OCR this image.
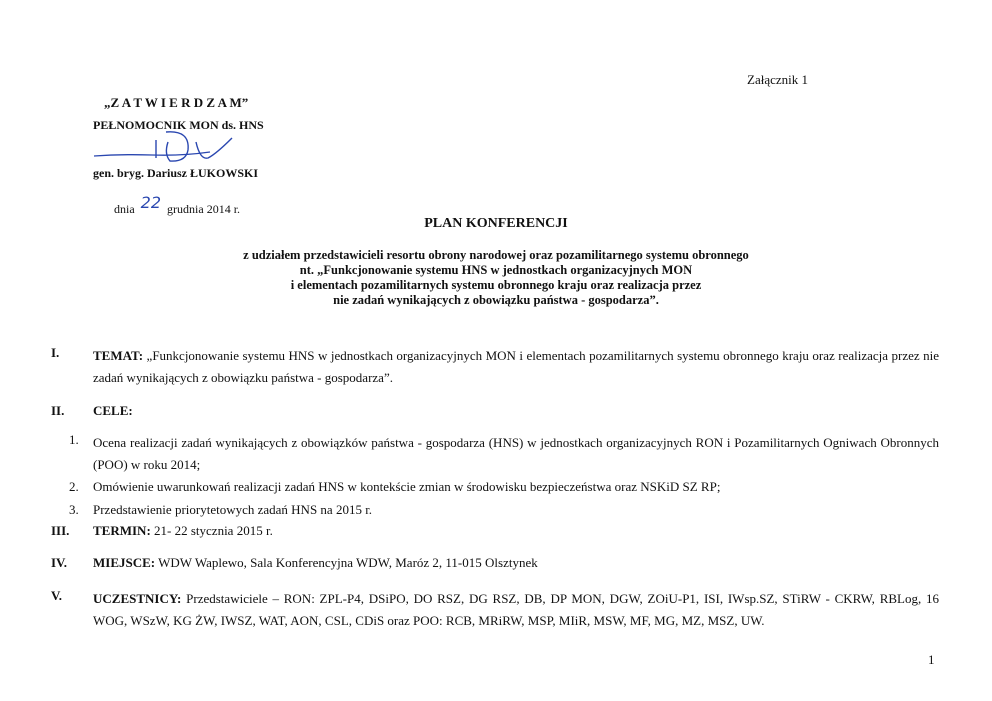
Załącznik 1
„Z A T W I E R D Z A M”
PEŁNOMOCNIK MON ds. HNS
gen. bryg. Dariusz ŁUKOWSKI
dnia 22 grudnia 2014 r.
PLAN KONFERENCJI
z udziałem przedstawicieli resortu obrony narodowej oraz pozamilitarnego systemu obronnego
nt. „Funkcjonowanie systemu HNS w jednostkach organizacyjnych MON
i elementach pozamilitarnych systemu obronnego kraju oraz realizacja przez
nie zadań wynikających z obowiązku państwa - gospodarza”.
I.	TEMAT: „Funkcjonowanie systemu HNS w jednostkach organizacyjnych MON i elementach pozamilitarnych systemu obronnego kraju oraz realizacja przez nie zadań wynikających z obowiązku państwa - gospodarza”.
II. CELE:
1. Ocena realizacji zadań wynikających z obowiązków państwa - gospodarza (HNS) w jednostkach organizacyjnych RON i Pozamilitarnych Ogniwach Obronnych (POO) w roku 2014;
2. Omówienie uwarunkowań realizacji zadań HNS w kontekście zmian w środowisku bezpieczeństwa oraz NSKiD SZ RP;
3. Przedstawienie priorytetowych zadań HNS na 2015 r.
III. TERMIN: 21- 22 stycznia 2015 r.
IV. MIEJSCE: WDW Waplewo, Sala Konferencyjna WDW, Maróz 2, 11-015 Olsztynek
V. UCZESTNICY: Przedstawiciele – RON: ZPL-P4, DSiPO, DO RSZ, DG RSZ, DB, DP MON, DGW, ZOiU-P1, ISI, IWsp.SZ, STiRW - CKRW, RBLog, 16 WOG, WSzW, KG ŻW, IWSZ, WAT, AON, CSL, CDiS oraz POO: RCB, MRiRW, MSP, MIiR, MSW, MF, MG, MZ, MSZ, UW.
1
